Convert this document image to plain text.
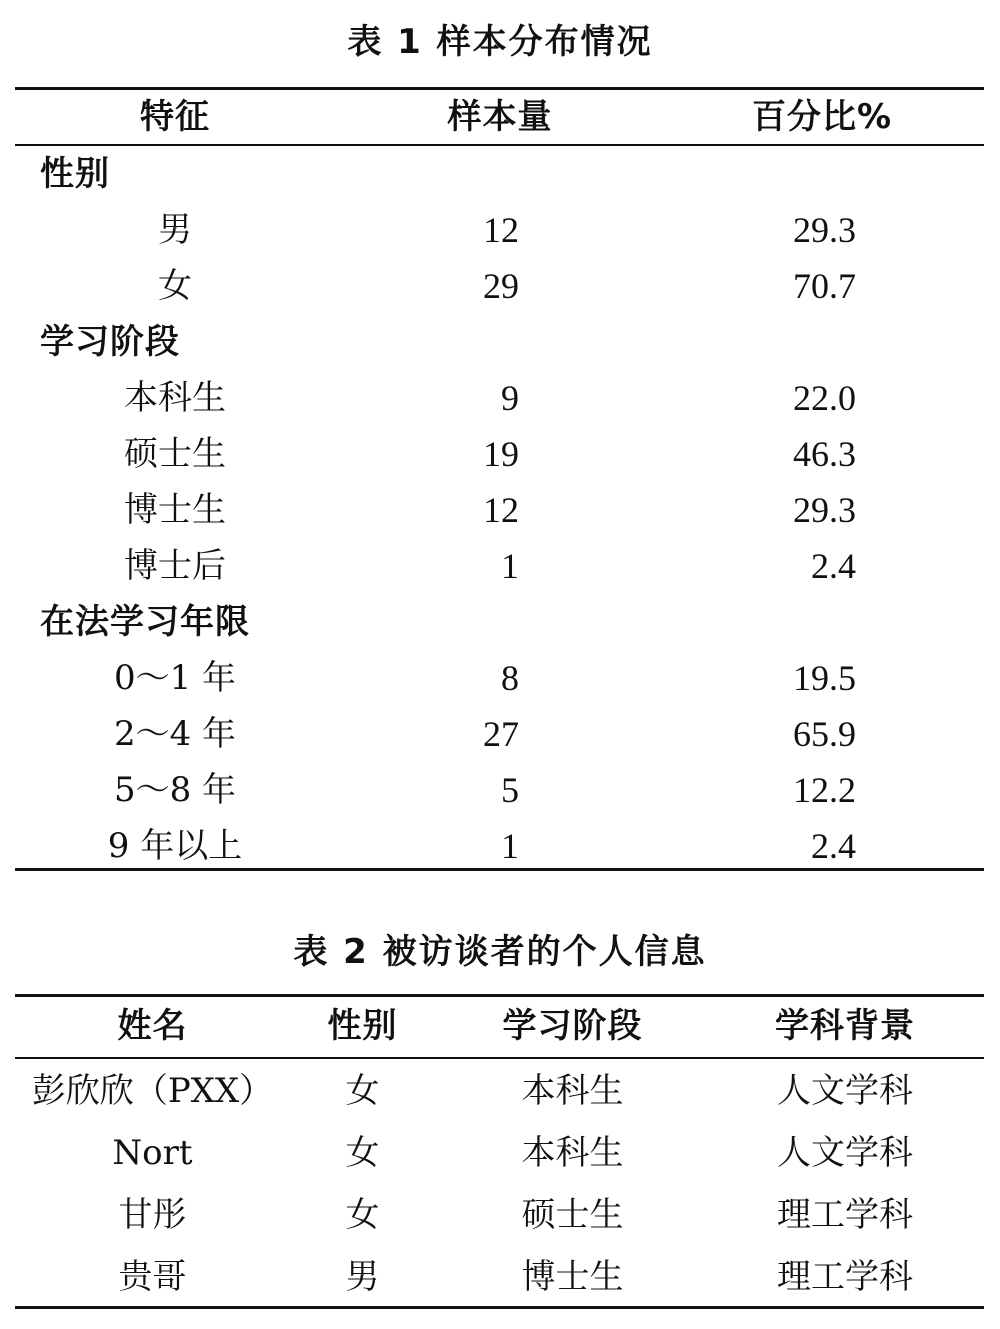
表 1 样本分布情况
特征	样本量	百分比%
性别
男	12	29.3
女	29	70.7
学习阶段
本科生	9	22.0
硕士生	19	46.3
博士生	12	29.3
博士后	1	2.4
在法学习年限
0～1 年	8	19.5
2～4 年	27	65.9
5～8 年	5	12.2
9 年以上	1	2.4
表 2 被访谈者的个人信息
姓名	性别	学习阶段	学科背景
彭欣欣（PXX）	女	本科生	人文学科
Nort	女	本科生	人文学科
甘彤	女	硕士生	理工学科
贵哥	男	博士生	理工学科
